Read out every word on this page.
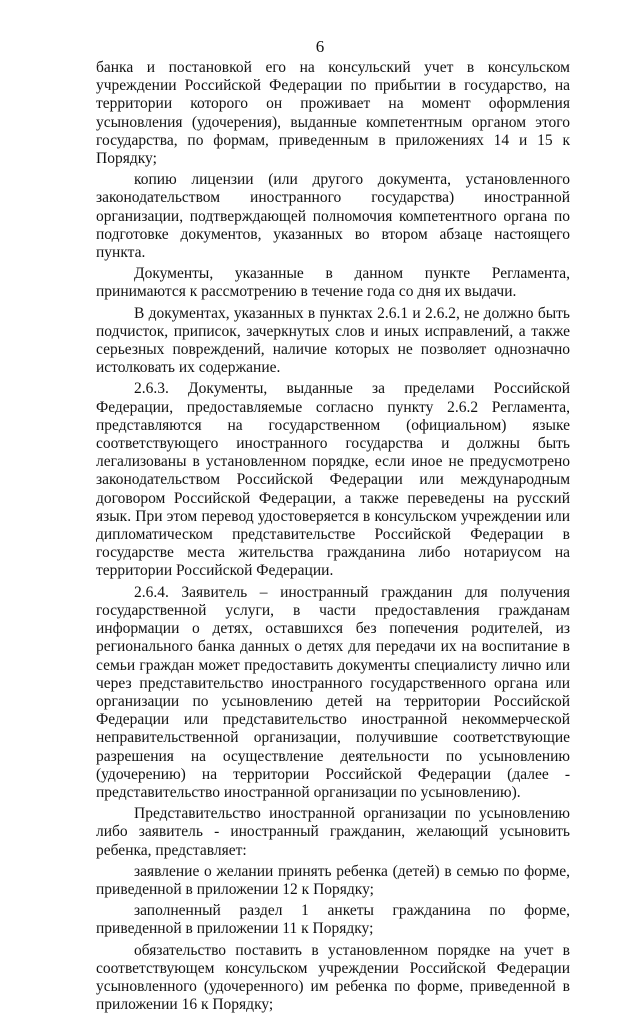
6

банка и постановкой его на консульский учет в консульском учреждении Российской Федерации по прибытии в государство, на территории которого он проживает на момент оформления усыновления (удочерения), выданные компетентным органом этого государства, по формам, приведенным в приложениях 14 и 15 к Порядку;

копию лицензии (или другого документа, установленного законодательством иностранного государства) иностранной организации, подтверждающей полномочия компетентного органа по подготовке документов, указанных во втором абзаце настоящего пункта.

Документы, указанные в данном пункте Регламента, принимаются к рассмотрению в течение года со дня их выдачи.

В документах, указанных в пунктах 2.6.1 и 2.6.2, не должно быть подчисток, приписок, зачеркнутых слов и иных исправлений, а также серьезных повреждений, наличие которых не позволяет однозначно истолковать их содержание.

2.6.3. Документы, выданные за пределами Российской Федерации, предоставляемые согласно пункту 2.6.2 Регламента, представляются на государственном (официальном) языке соответствующего иностранного государства и должны быть легализованы в установленном порядке, если иное не предусмотрено законодательством Российской Федерации или международным договором Российской Федерации, а также переведены на русский язык. При этом перевод удостоверяется в консульском учреждении или дипломатическом представительстве Российской Федерации в государстве места жительства гражданина либо нотариусом на территории Российской Федерации.

2.6.4. Заявитель – иностранный гражданин для получения государственной услуги, в части предоставления гражданам информации о детях, оставшихся без попечения родителей, из регионального банка данных о детях для передачи их на воспитание в семьи граждан может предоставить документы специалисту лично или через представительство иностранного государственного органа или организации по усыновлению детей на территории Российской Федерации или представительство иностранной некоммерческой неправительственной организации, получившие соответствующие разрешения на осуществление деятельности по усыновлению (удочерению) на территории Российской Федерации (далее - представительство иностранной организации по усыновлению).

Представительство иностранной организации по усыновлению либо заявитель - иностранный гражданин, желающий усыновить ребенка, представляет:

заявление о желании принять ребенка (детей) в семью по форме, приведенной в приложении 12 к Порядку;

заполненный раздел 1 анкеты гражданина по форме, приведенной в приложении 11 к Порядку;

обязательство поставить в установленном порядке на учет в соответствующем консульском учреждении Российской Федерации усыновленного (удочеренного) им ребенка по форме, приведенной в приложении 16 к Порядку;
